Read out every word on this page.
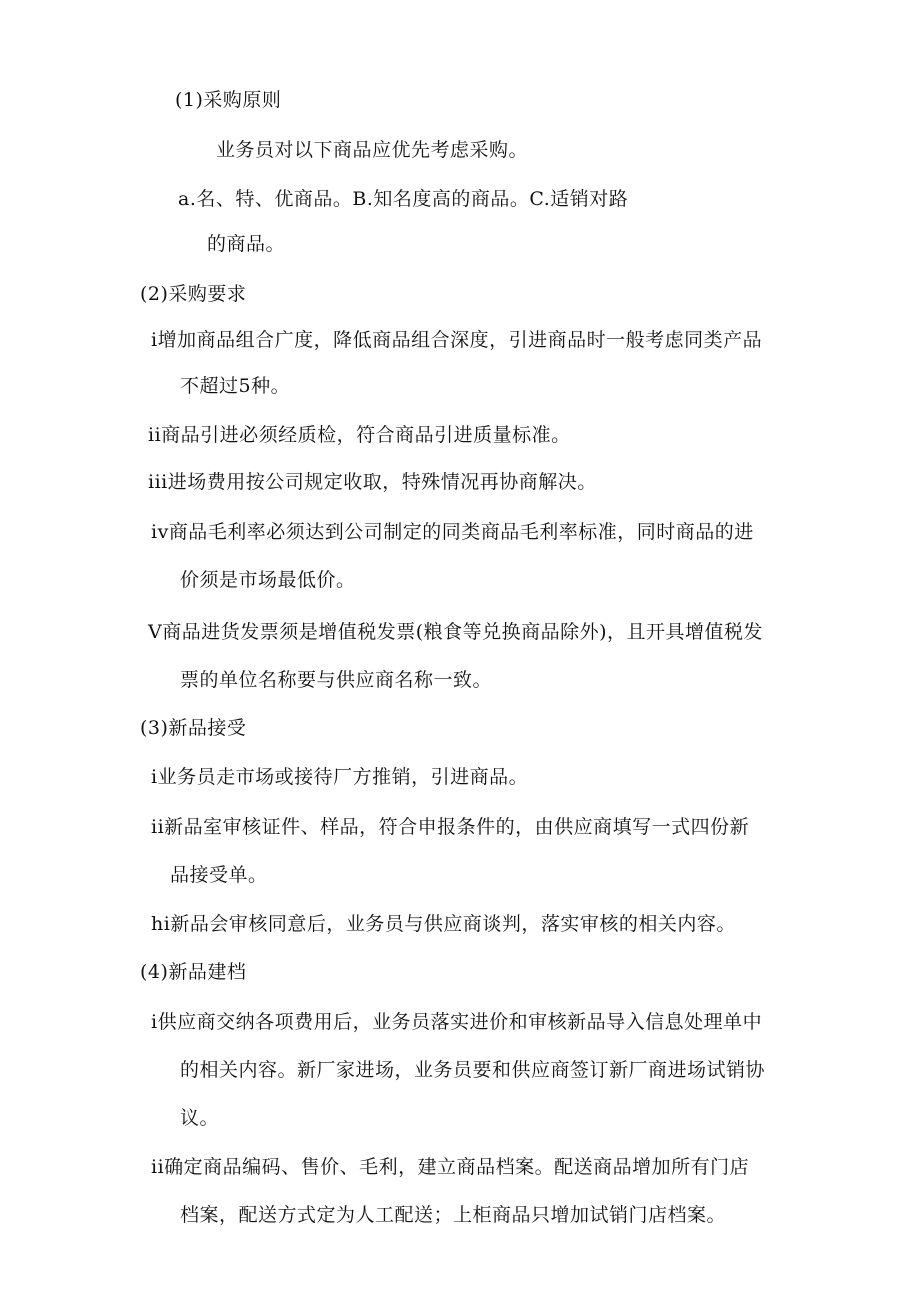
(1)采购原则
业务员对以下商品应优先考虑采购。
a.名、特、优商品。B.知名度高的商品。C.适销对路
的商品。
(2)采购要求
i增加商品组合广度，降低商品组合深度，引进商品时一般考虑同类产品
不超过5种。
ii商品引进必须经质检，符合商品引进质量标准。
iii进场费用按公司规定收取，特殊情况再协商解决。
iv商品毛利率必须达到公司制定的同类商品毛利率标准，同时商品的进
价须是市场最低价。
V商品进货发票须是增值税发票(粮食等兑换商品除外)，且开具增值税发
票的单位名称要与供应商名称一致。
(3)新品接受
i业务员走市场或接待厂方推销，引进商品。
ii新品室审核证件、样品，符合申报条件的，由供应商填写一式四份新
品接受单。
hi新品会审核同意后，业务员与供应商谈判，落实审核的相关内容。
(4)新品建档
i供应商交纳各项费用后，业务员落实进价和审核新品导入信息处理单中
的相关内容。新厂家进场，业务员要和供应商签订新厂商进场试销协
议。
ii确定商品编码、售价、毛利，建立商品档案。配送商品增加所有门店
档案，配送方式定为人工配送；上柜商品只增加试销门店档案。
